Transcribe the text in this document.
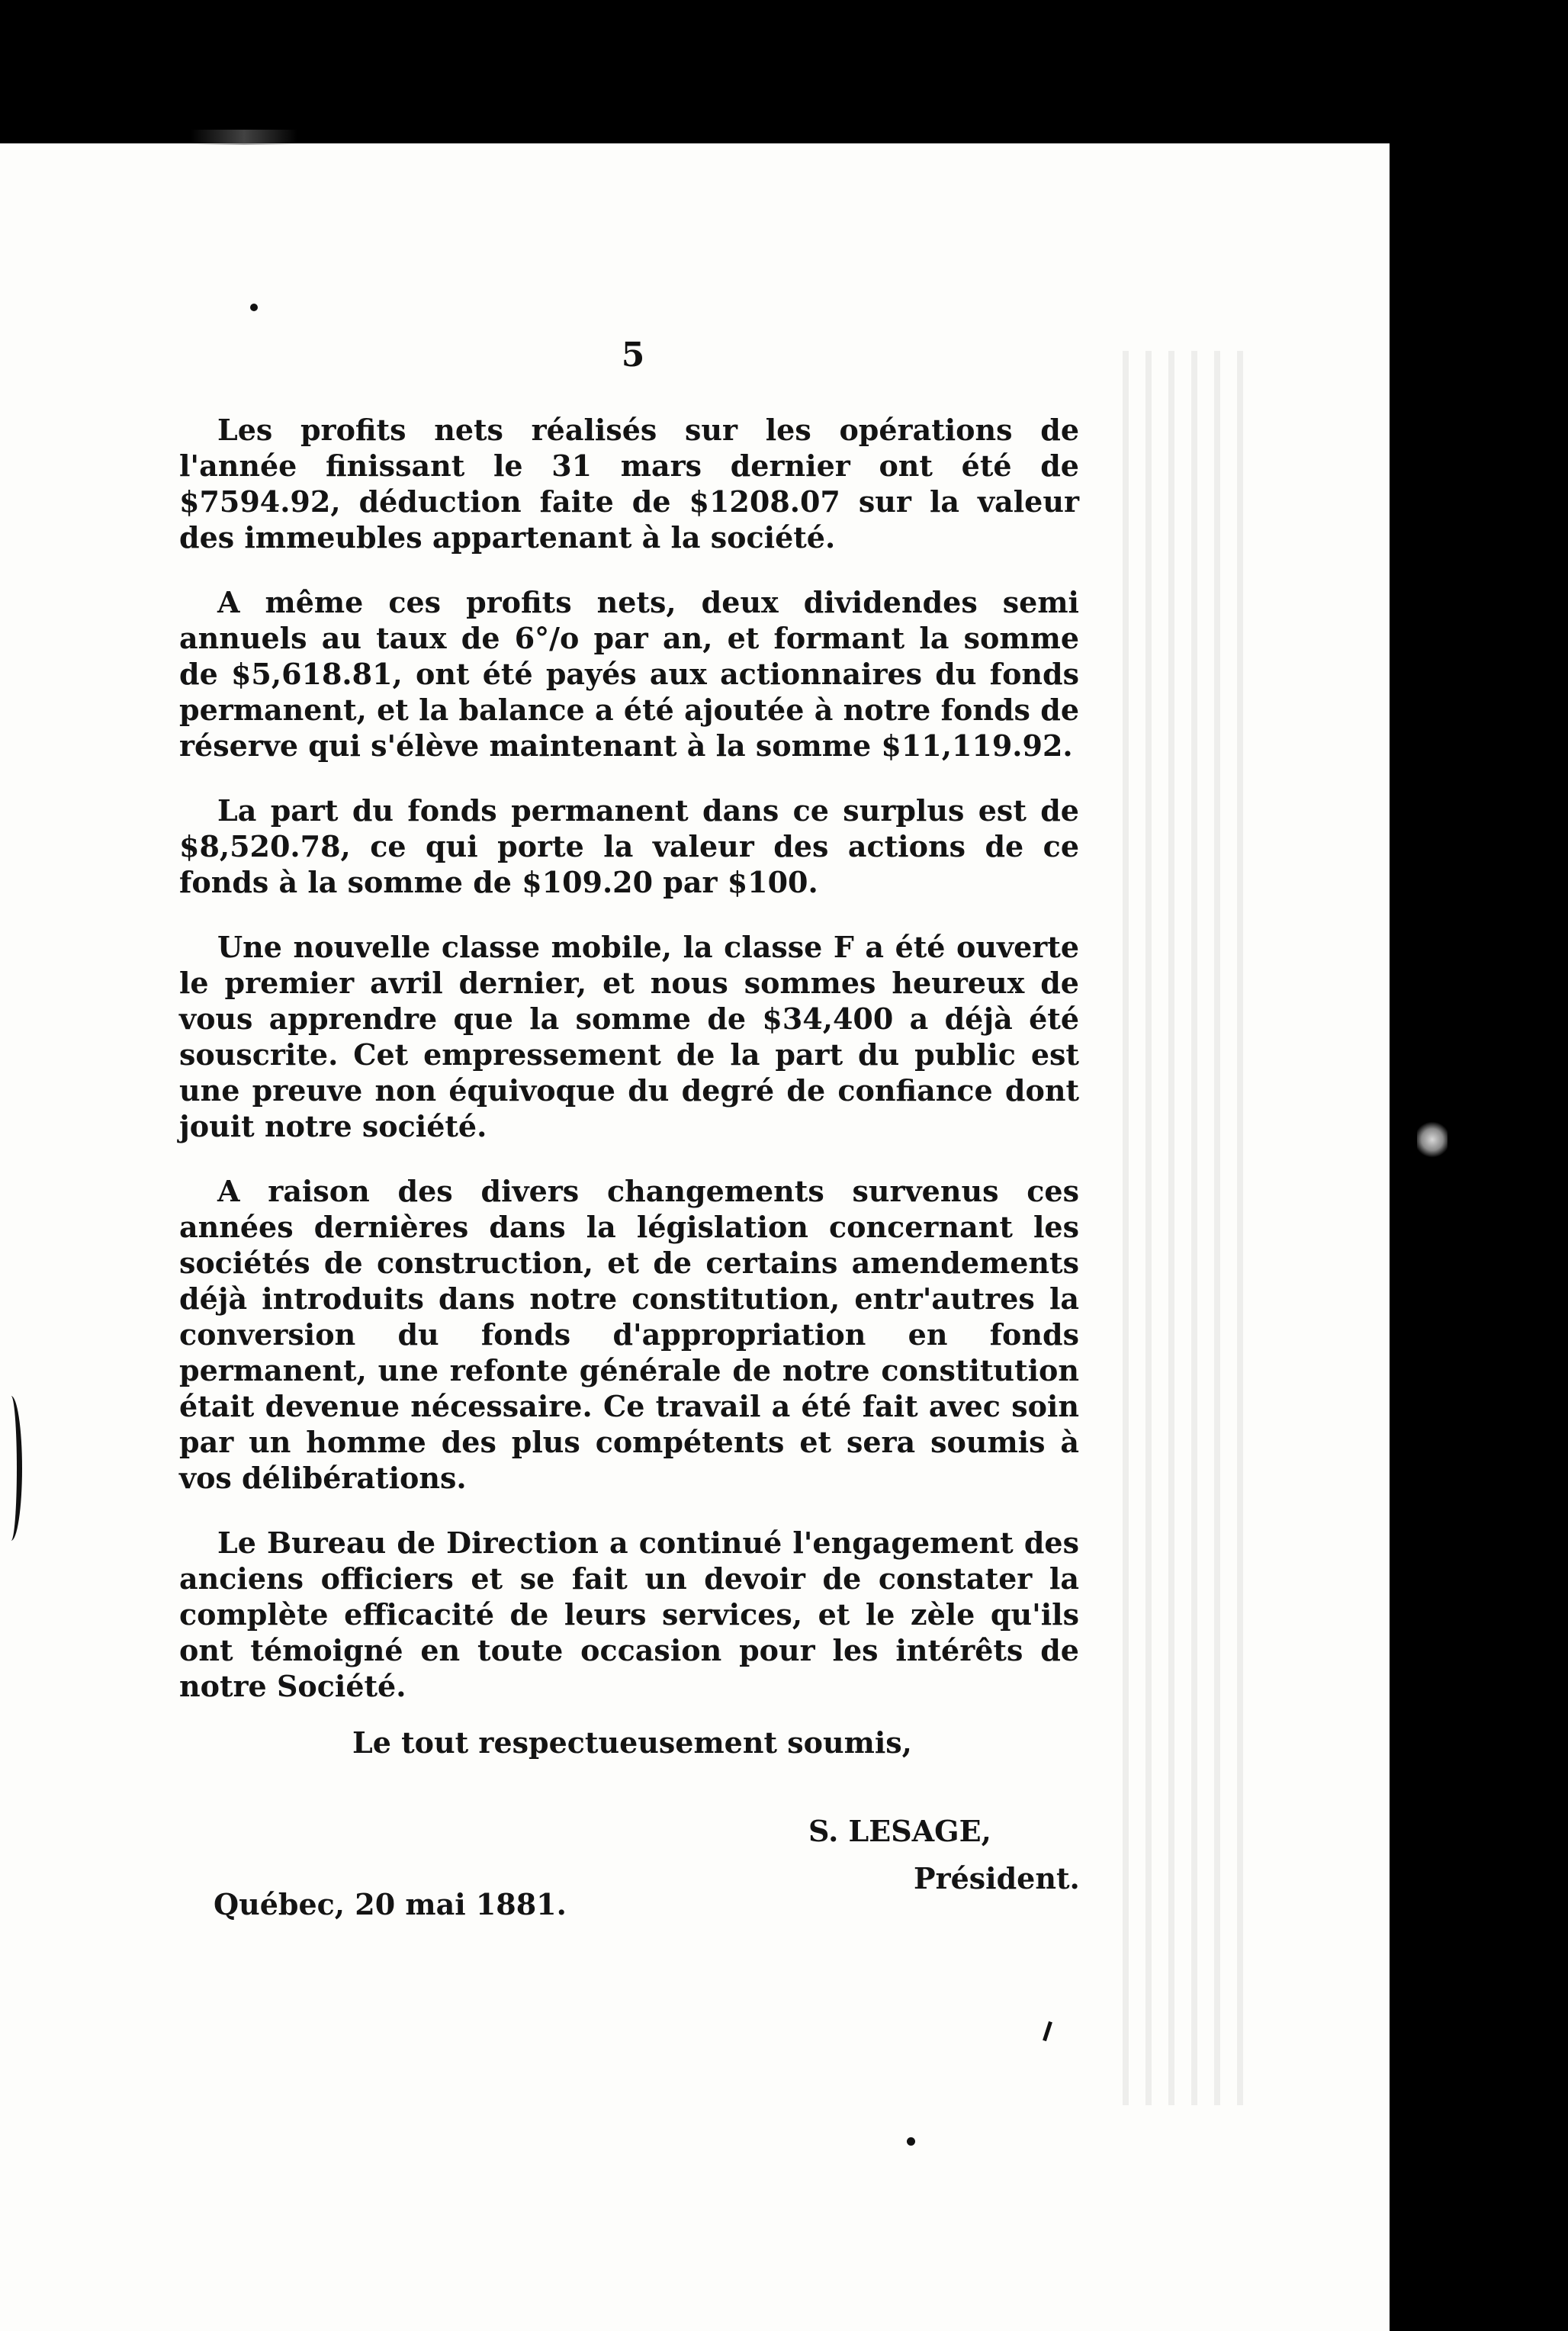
5

Les profits nets réalisés sur les opérations de l'année finissant le 31 mars dernier ont été de $7594.92, déduction faite de $1208.07 sur la valeur des immeubles appartenant à la société.

A même ces profits nets, deux dividendes semi annuels au taux de 6°/o par an, et formant la somme de $5,618.81, ont été payés aux actionnaires du fonds permanent, et la balance a été ajoutée à notre fonds de réserve qui s'élève maintenant à la somme $11,119.92.

La part du fonds permanent dans ce surplus est de $8,520.78, ce qui porte la valeur des actions de ce fonds à la somme de $109.20 par $100.

Une nouvelle classe mobile, la classe F a été ouverte le premier avril dernier, et nous sommes heureux de vous apprendre que la somme de $34,400 a déjà été souscrite. Cet empressement de la part du public est une preuve non équivoque du degré de confiance dont jouit notre société.

A raison des divers changements survenus ces années dernières dans la législation concernant les sociétés de construction, et de certains amendements déjà introduits dans notre constitution, entr'autres la conversion du fonds d'appropriation en fonds permanent, une refonte générale de notre constitution était devenue nécessaire. Ce travail a été fait avec soin par un homme des plus compétents et sera soumis à vos délibérations.

Le Bureau de Direction a continué l'engagement des anciens officiers et se fait un devoir de constater la complète efficacité de leurs services, et le zèle qu'ils ont témoigné en toute occasion pour les intérêts de notre Société.

Le tout respectueusement soumis,
S. LESAGE,
Président.
Québec, 20 mai 1881.
